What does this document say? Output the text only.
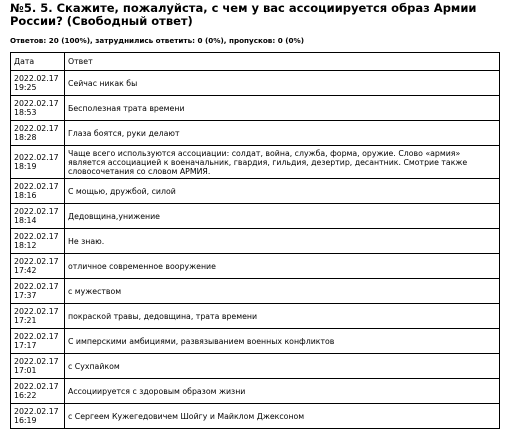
№5. 5. Скажите, пожалуйста, с чем у вас ассоциируется образ Армии России? (Свободный ответ)
Ответов: 20 (100%), затруднились ответить: 0 (0%), пропусков: 0 (0%)
Дата	Ответ
2022.02.17 19:25	Сейчас никак бы
2022.02.17 18:53	Бесполезная трата времени
2022.02.17 18:28	Глаза боятся, руки делают
2022.02.17 18:19	Чаще всего используются ассоциации: солдат, война, служба, форма, оружие. Слово «армия» является ассоциацией к военачальник, гвардия, гильдия, дезертир, десантник. Смотрие также словосочетания со словом АРМИЯ.
2022.02.17 18:16	С мощью, дружбой, силой
2022.02.17 18:14	Дедовщина,унижение
2022.02.17 18:12	Не знаю.
2022.02.17 17:42	отличное современное вооружение
2022.02.17 17:37	с мужеством
2022.02.17 17:21	покраской травы, дедовщина, трата времени
2022.02.17 17:17	С имперскими амбициями, развязыванием военных конфликтов
2022.02.17 17:01	с Сухпайком
2022.02.17 16:22	Ассоциируется с здоровым образом жизни
2022.02.17 16:19	с Сергеем Кужегедовичем Шойгу и Майклом Джексоном
